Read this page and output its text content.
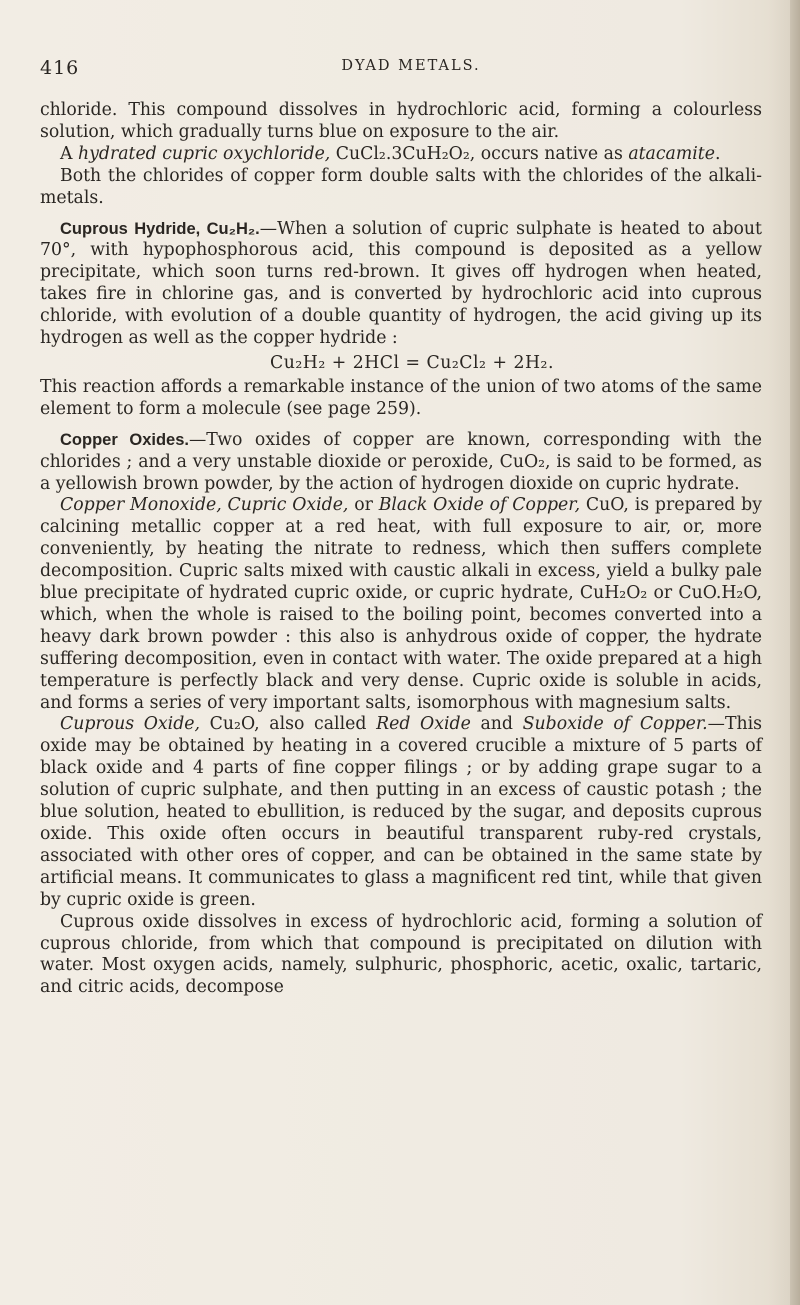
416	DYAD METALS.

chloride. This compound dissolves in hydrochloric acid, forming a colourless solution, which gradually turns blue on exposure to the air.

A hydrated cupric oxychloride, CuCl₂.3CuH₂O₂, occurs native as atacamite.

Both the chlorides of copper form double salts with the chlorides of the alkali-metals.

Cuprous Hydride, Cu₂H₂.—When a solution of cupric sulphate is heated to about 70°, with hypophosphorous acid, this compound is deposited as a yellow precipitate, which soon turns red-brown. It gives off hydrogen when heated, takes fire in chlorine gas, and is converted by hydrochloric acid into cuprous chloride, with evolution of a double quantity of hydrogen, the acid giving up its hydrogen as well as the copper hydride :

Cu₂H₂ + 2HCl = Cu₂Cl₂ + 2H₂.

This reaction affords a remarkable instance of the union of two atoms of the same element to form a molecule (see page 259).

Copper Oxides.—Two oxides of copper are known, corresponding with the chlorides ; and a very unstable dioxide or peroxide, CuO₂, is said to be formed, as a yellowish brown powder, by the action of hydrogen dioxide on cupric hydrate.

Copper Monoxide, Cupric Oxide, or Black Oxide of Copper, CuO, is prepared by calcining metallic copper at a red heat, with full exposure to air, or, more conveniently, by heating the nitrate to redness, which then suffers complete decomposition. Cupric salts mixed with caustic alkali in excess, yield a bulky pale blue precipitate of hydrated cupric oxide, or cupric hydrate, CuH₂O₂ or CuO.H₂O, which, when the whole is raised to the boiling point, becomes converted into a heavy dark brown powder : this also is anhydrous oxide of copper, the hydrate suffering decomposition, even in contact with water. The oxide prepared at a high temperature is perfectly black and very dense. Cupric oxide is soluble in acids, and forms a series of very important salts, isomorphous with magnesium salts.

Cuprous Oxide, Cu₂O, also called Red Oxide and Suboxide of Copper.—This oxide may be obtained by heating in a covered crucible a mixture of 5 parts of black oxide and 4 parts of fine copper filings ; or by adding grape sugar to a solution of cupric sulphate, and then putting in an excess of caustic potash ; the blue solution, heated to ebullition, is reduced by the sugar, and deposits cuprous oxide. This oxide often occurs in beautiful transparent ruby-red crystals, associated with other ores of copper, and can be obtained in the same state by artificial means. It communicates to glass a magnificent red tint, while that given by cupric oxide is green.

Cuprous oxide dissolves in excess of hydrochloric acid, forming a solution of cuprous chloride, from which that compound is precipitated on dilution with water. Most oxygen acids, namely, sulphuric, phosphoric, acetic, oxalic, tartaric, and citric acids, decompose
